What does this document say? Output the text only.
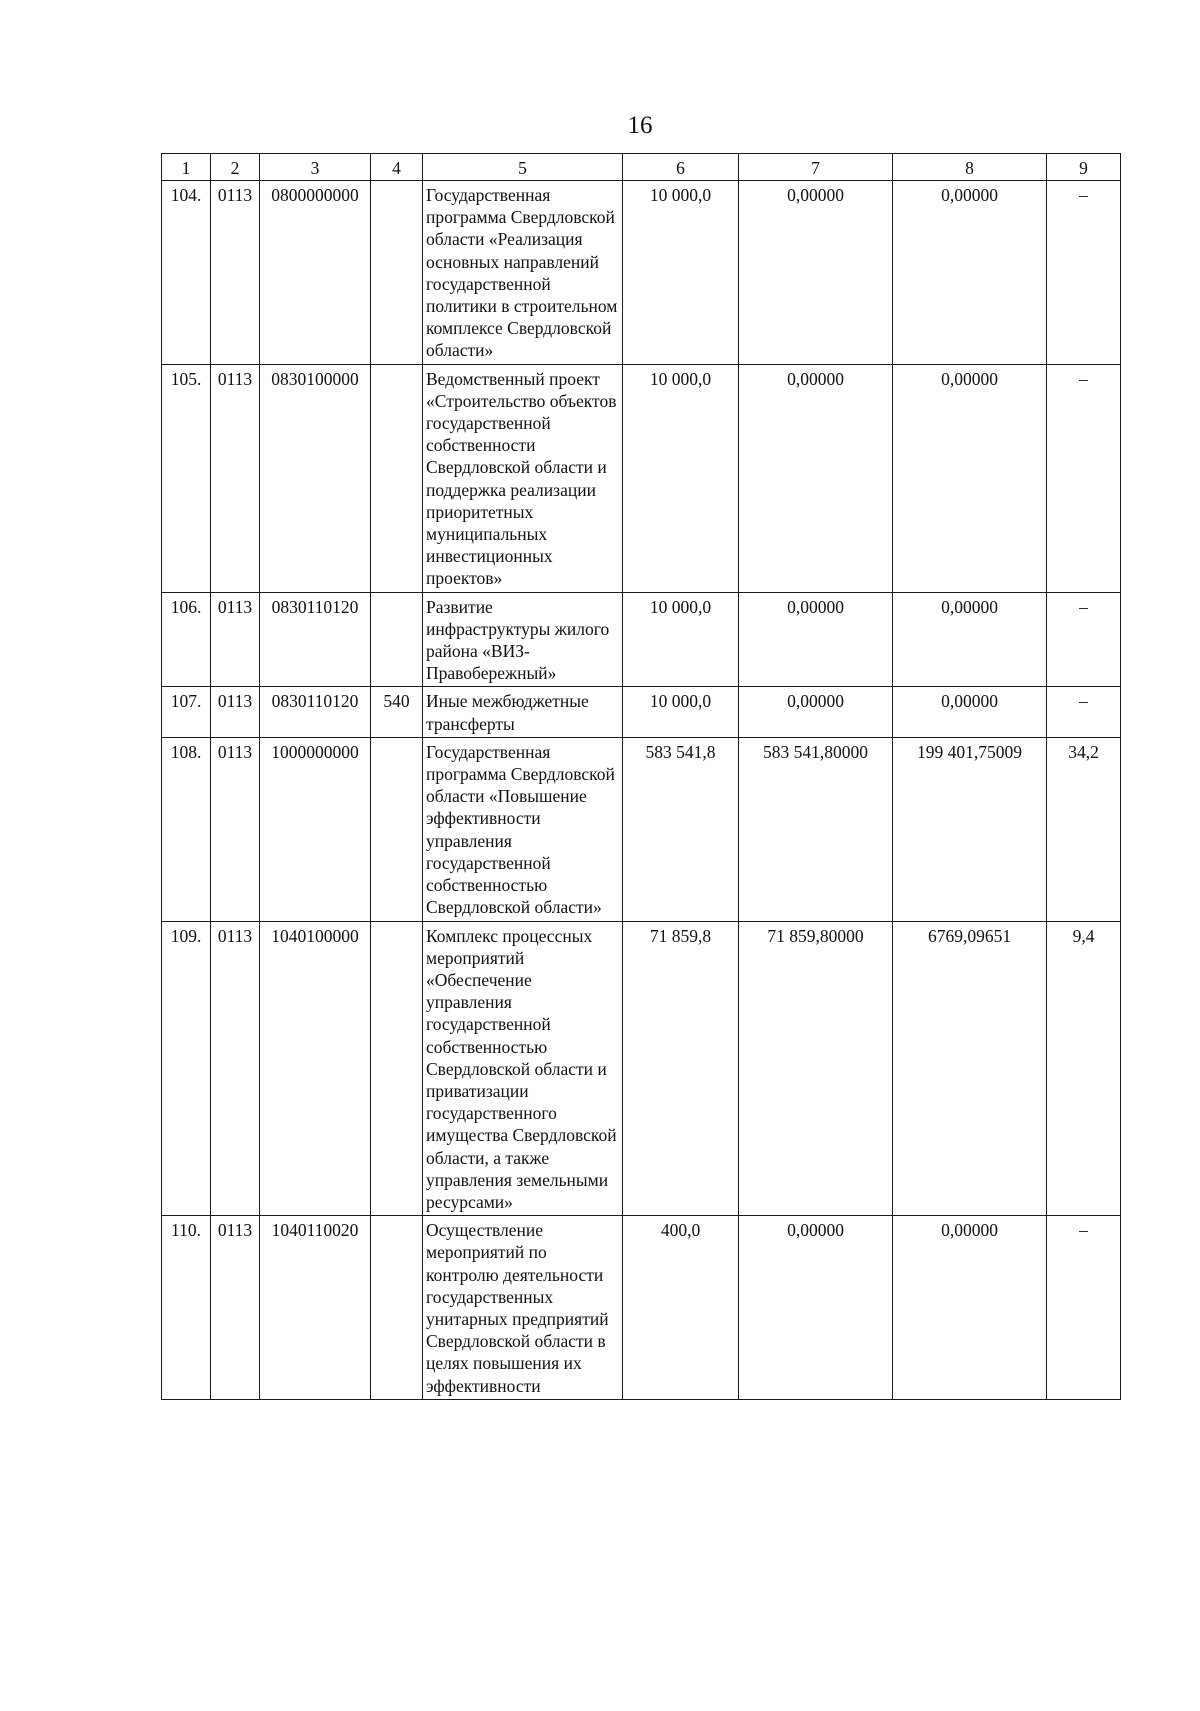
16
1	2	3	4	5	6	7	8	9
104.	0113	0800000000		Государственная программа Свердловской области «Реализация основных направлений государственной политики в строительном комплексе Свердловской области»	10 000,0	0,00000	0,00000	–
105.	0113	0830100000		Ведомственный проект «Строительство объектов государственной собственности Свердловской области и поддержка реализации приоритетных муниципальных инвестиционных проектов»	10 000,0	0,00000	0,00000	–
106.	0113	0830110120		Развитие инфраструктуры жилого района «ВИЗ-Правобережный»	10 000,0	0,00000	0,00000	–
107.	0113	0830110120	540	Иные межбюджетные трансферты	10 000,0	0,00000	0,00000	–
108.	0113	1000000000		Государственная программа Свердловской области «Повышение эффективности управления государственной собственностью Свердловской области»	583 541,8	583 541,80000	199 401,75009	34,2
109.	0113	1040100000		Комплекс процессных мероприятий «Обеспечение управления государственной собственностью Свердловской области и приватизации государственного имущества Свердловской области, а также управления земельными ресурсами»	71 859,8	71 859,80000	6769,09651	9,4
110.	0113	1040110020		Осуществление мероприятий по контролю деятельности государственных унитарных предприятий Свердловской области в целях повышения их эффективности	400,0	0,00000	0,00000	–
